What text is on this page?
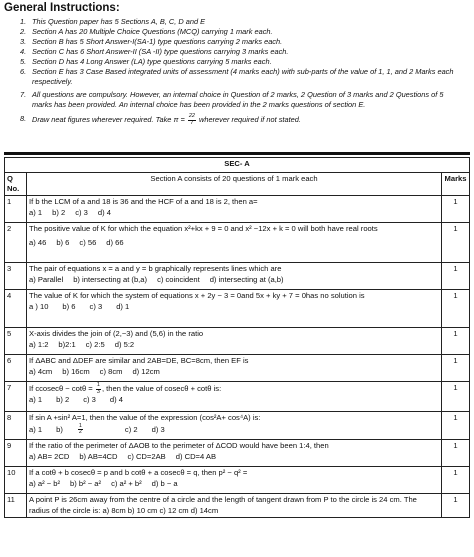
General Instructions:
1. This Question paper has 5 Sections A, B, C, D and E
2. Section A has 20 Multiple Choice Questions (MCQ) carrying 1 mark each.
3. Section B has 5 Short Answer-I(SA-1) type questions carrying 2 marks each.
4. Section C has 6 Short Answer-II (SA -II) type questions carrying 3 marks each.
5. Section D has 4 Long Answer (LA) type questions carrying 5 marks each.
6. Section E has 3 Case Based integrated units of assessment (4 marks each) with sub-parts of the value of 1, 1, and 2 Marks each respectively.
7. All questions are compulsory. However, an internal choice in Question of 2 marks, 2 Question of 3 marks and 2 Questions of 5 marks has been provided. An internal choice has been provided in the 2 marks questions of section E.
8. Draw neat figures wherever required. Take $\pi = \frac{22}{7}$ wherever required if not stated.
SEC- A		
Q No.	Section A consists of 20 questions of 1 mark each	Marks
1	If b the LCM of a and 18 is 36 and the HCF of a and 18 is 2, then a=
a) 1 b) 2 c) 3 d) 4	1
2	The positive value of K for which the equation x²+kx + 9 = 0 and x² −12x + k = 0 will both have real roots
a) 46 b) 6 c) 56 d) 66	1
3	The pair of equations x = a and y = b graphically represents lines which are
a) Parallel b) intersecting at (b,a) c) coincident d) intersecting at (a,b)	1
4	The value of K for which the system of equations x + 2y − 3 = 0and 5x + ky + 7 = 0has no solution is
a ) 10 b) 6 c) 3 d) 1	1
5	X-axis divides the join of (2,−3) and (5,6) in the ratio
a) 1:2 b)2:1 c) 2:5 d) 5:2	1
6	If ΔABC and ΔDEF are similar and 2AB=DE, BC=8cm, then EF is
a) 4cm b) 16cm c) 8cm d) 12cm	1
7	If $ccosec\theta - \cot\theta = \frac{1}{3}$ , then the value of cosecθ + cotθ is:
a) 1 b) 2 c) 3 d) 4	1
8	If sin A +sin² A=1, then the value of the expression (cos²A+ cos⁴A) is:
a) 1 $b) \frac{1}{2} c$) 2 d) 3	1
9	If the ratio of the perimeter of ΔAOB to the perimeter of ΔCOD would have been 1:4, then
a) AB= 2CD b) AB=4CD c) CD=2AB d) CD=4 AB	1
10	If a cotθ + b cosecθ = p and b cotθ + a cosecθ = q, then p² − q² =
a) a² − b² b) b² − a² c) a² + b² d) b − a	1
11	A point P is 26cm away from the centre of a circle and the length of tangent drawn from P to the circle is 24 cm. The radius of the circle is: a) 8cm b) 10 cm c) 12 cm d) 14cm	1
